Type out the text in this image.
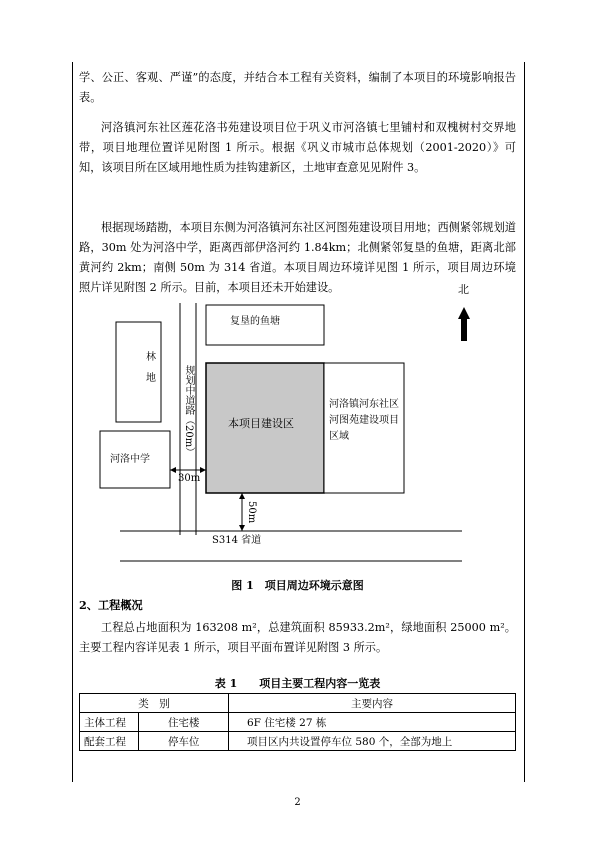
学、公正、客观、严谨”的态度，并结合本工程有关资料，编制了本项目的环境影响报告表。

河洛镇河东社区莲花洛书苑建设项目位于巩义市河洛镇七里铺村和双槐树村交界地带，项目地理位置详见附图 1 所示。根据《巩义市城市总体规划（2001-2020）》可知，该项目所在区域用地性质为挂钩建新区，土地审查意见见附件 3。

根据现场踏勘，本项目东侧为河洛镇河东社区河图苑建设项目用地；西侧紧邻规划道路，30m 处为河洛中学，距离西部伊洛河约 1.84km；北侧紧邻复垦的鱼塘，距离北部黄河约 2km；南侧 50m 为 314 省道。本项目周边环境详见图 1 所示，项目周边环境照片详见附图 2 所示。目前，本项目还未开始建设。	北
复垦的鱼塘
林
地	规划中道路（20m）
河洛中学
本项目建设区
河洛镇河东社区河图苑建设项目区域
30m
50m
S314 省道
图 1　项目周边环境示意图
2、工程概况

工程总占地面积为 163208 m²，总建筑面积 85933.2m²，绿地面积 25000 m²。主要工程内容详见表 1 所示，项目平面布置详见附图 3 所示。

表 1　　项目主要工程内容一览表
类　别		主要内容
主体工程	住宅楼	6F 住宅楼 27 栋
配套工程	停车位	项目区内共设置停车位 580 个，全部为地上
2
